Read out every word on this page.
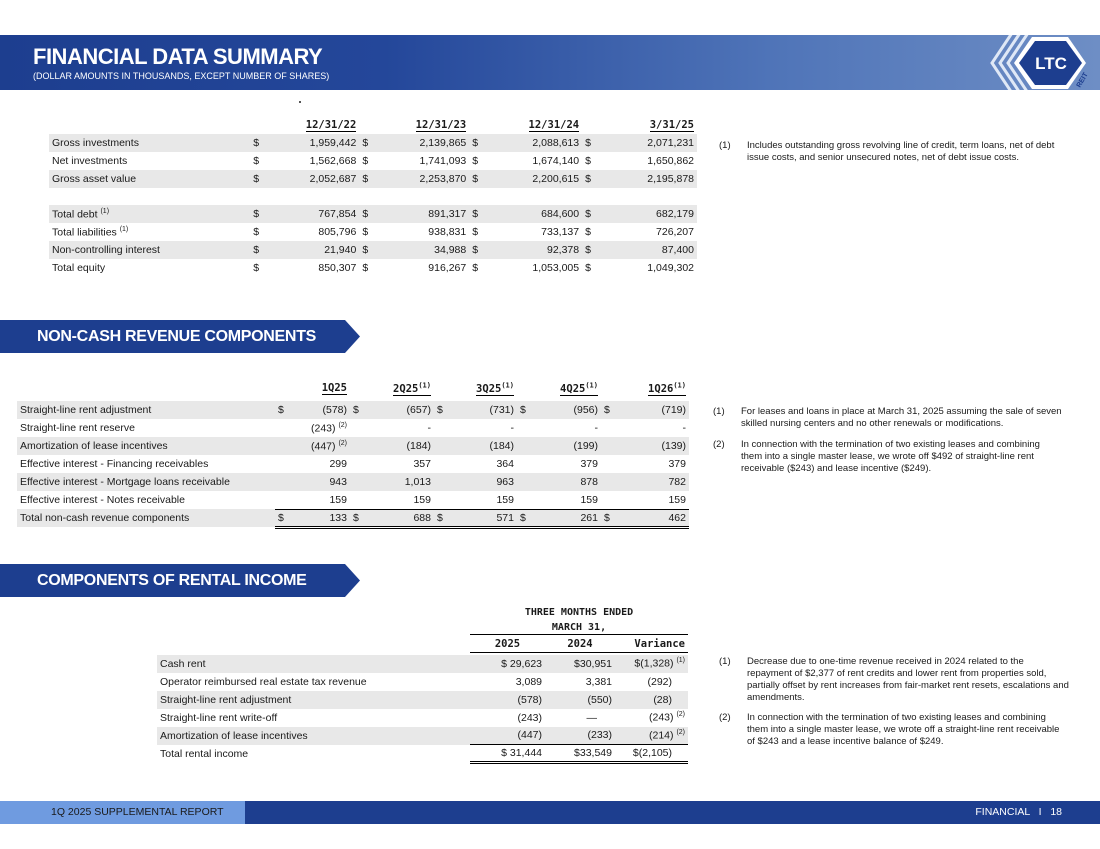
FINANCIAL DATA SUMMARY
(DOLLAR AMOUNTS IN THOUSANDS, EXCEPT NUMBER OF SHARES)
LTC
REIT
	12/31/22		12/31/23		12/31/24		3/31/25	
Gross investments	$	1,959,442	$	2,139,865	$	2,088,613	$	2,071,231
Net investments	$	1,562,668	$	1,741,093	$	1,674,140	$	1,650,862
Gross asset value	$	2,052,687	$	2,253,870	$	2,200,615	$	2,195,878

Total debt $^{(1)}$	$	767,854	$	891,317	$	684,600	$	682,179
Total liabilities $^{(1)}$	$	805,796	$	938,831	$	733,137	$	726,207
Non-controlling interest	$	21,940	$	34,988	$	92,378	$	87,400
Total equity	$	850,307	$	916,267	$	1,053,005	$	1,049,302
(1) Includes outstanding gross revolving line of credit, term loans, net of debt issue costs, and senior unsecured notes, net of debt issue costs.
NON-CASH REVENUE COMPONENTS
	1Q25		2Q25$^{(1)}$		3Q25$^{(1)}$		4Q25$^{(1)}$		1Q26$^{(1)}$

Straight-line rent adjustment	$	(578)	$	(657)	$	(731)	$	(956)	$	(719)
Straight-line rent reserve		(243) $^{(2)}$		-		-		-		-
Amortization of lease incentives		(447) $^{(2)}$		(184)		(184)		(199)		(139)
Effective interest - Financing receivables		299		357		364		379		379
Effective interest - Mortgage loans receivable		943		1,013		963		878		782
Effective interest - Notes receivable		159		159		159		159		159
Total non-cash revenue components	$	133	$	688	$	571	$	261	$	462
(1) For leases and loans in place at March 31, 2025 assuming the sale of seven skilled nursing centers and no other renewals or modifications.
(2) In connection with the termination of two existing leases and combining them into a single master lease, we wrote off $492 of straight-line rent receivable ($243) and lease incentive ($249).
COMPONENTS OF RENTAL INCOME
THREE MONTHS ENDED
MARCH 31,
	2025	2024	Variance

Cash rent	$ 29,623	$30,951	$(1,328) $^{(1)}$
Operator reimbursed real estate tax revenue	3,089	3,381	(292)
Straight-line rent adjustment	(578)	(550)	(28)
Straight-line rent write-off	(243)	—	(243) $^{(2)}$
Amortization of lease incentives	(447)	(233)	(214) $^{(2)}$
Total rental income	$ 31,444	$33,549	$(2,105)
(1) Decrease due to one-time revenue received in 2024 related to the repayment of $2,377 of rent credits and lower rent from properties sold, partially offset by rent increases from fair-market rent resets, escalations and amendments.
(2) In connection with the termination of two existing leases and combining them into a single master lease, we wrote off a straight-line rent receivable of $243 and a lease incentive balance of $249.
1Q 2025 SUPPLEMENTAL REPORT	FINANCIAL I 18
